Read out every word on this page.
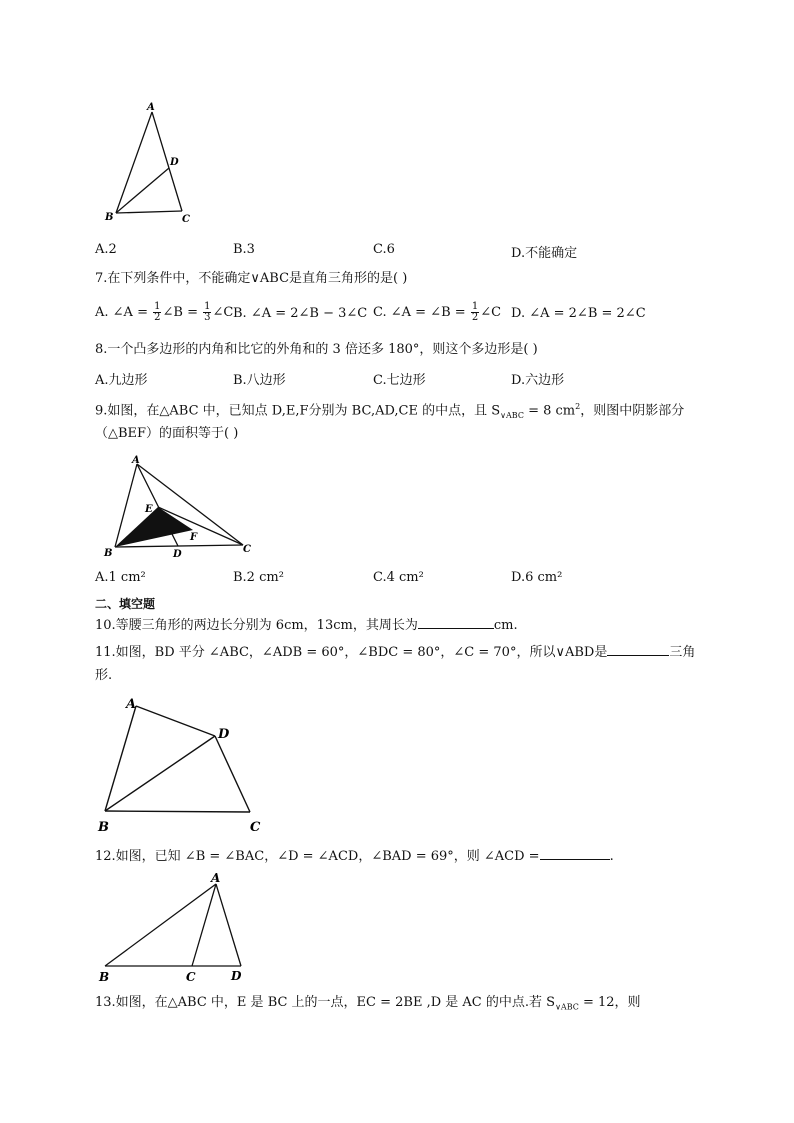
A
B	C
D
A.2	B.3	C.6	D.不能确定
7.在下列条件中，不能确定∨ABC是直角三角形的是( )
A. ∠A = $\frac{1}{2}$ ∠B = $\frac{1}{3}$ ∠C B. ∠A = 2∠B − 3∠C C. ∠A = ∠B = $\frac{1}{2}$ ∠C D. ∠A = 2∠B = 2∠C
8.一个凸多边形的内角和比它的外角和的 3 倍还多 180°，则这个多边形是( )
A.九边形	B.八边形	C.七边形	D.六边形
9.如图，在△ABC 中，已知点 D,E,F分别为 BC,AD,CE 的中点，且 $S_{\vee ABC} = 8$ $cm^2$，则图中阴影部分
（△BEF）的面积等于( )
A
B	C
D
E
F
A.1 cm²	B.2 cm²	C.4 cm²	D.6 cm²
二、填空题
10.等腰三角形的两边长分别为 6cm，13cm，其周长为	cm.
11.如图，BD 平分 ∠ABC，∠ADB = 60°，∠BDC = 80°，∠C = 70°，所以∨ABD是	三角
形.
A
B	C
D
12.如图，已知 ∠B = ∠BAC，∠D = ∠ACD，∠BAD = 69°，则 ∠ACD =	.
A
B	C	D
13.如图，在△ABC 中，E 是 BC 上的一点，EC = 2BE ,D 是 AC 的中点.若 $S_{\vee ABC} = 12$，则
